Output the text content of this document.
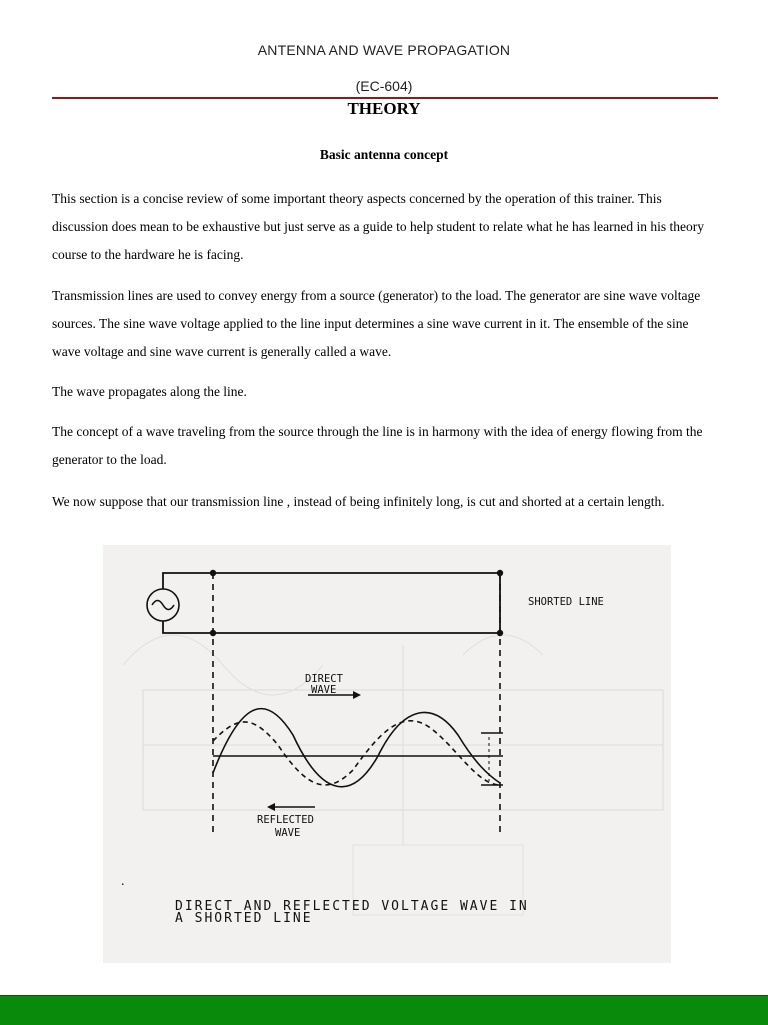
ANTENNA AND WAVE PROPAGATION
(EC-604)
THEORY
Basic antenna concept

This section is a concise review of some important theory aspects concerned by the operation of this trainer. This discussion does mean to be exhaustive but just serve as a guide to help student to relate what he has learned in his theory course to the hardware he is facing.

Transmission lines are used to convey energy from a source (generator) to the load. The generator are sine wave voltage sources. The sine wave voltage applied to the line input determines a sine wave current in it. The ensemble of the sine wave voltage and sine wave current is generally called a wave.

The wave propagates along the line.

The concept of a wave traveling from the source through the line is in harmony with the idea of energy flowing from the generator to the load.

We now suppose that our transmission line , instead of being infinitely long, is cut and shorted at a certain length.

SHORTED LINE
DIRECT
WAVE
REFLECTED
WAVE
.
DIRECT AND REFLECTED VOLTAGE WAVE IN
A SHORTED LINE
